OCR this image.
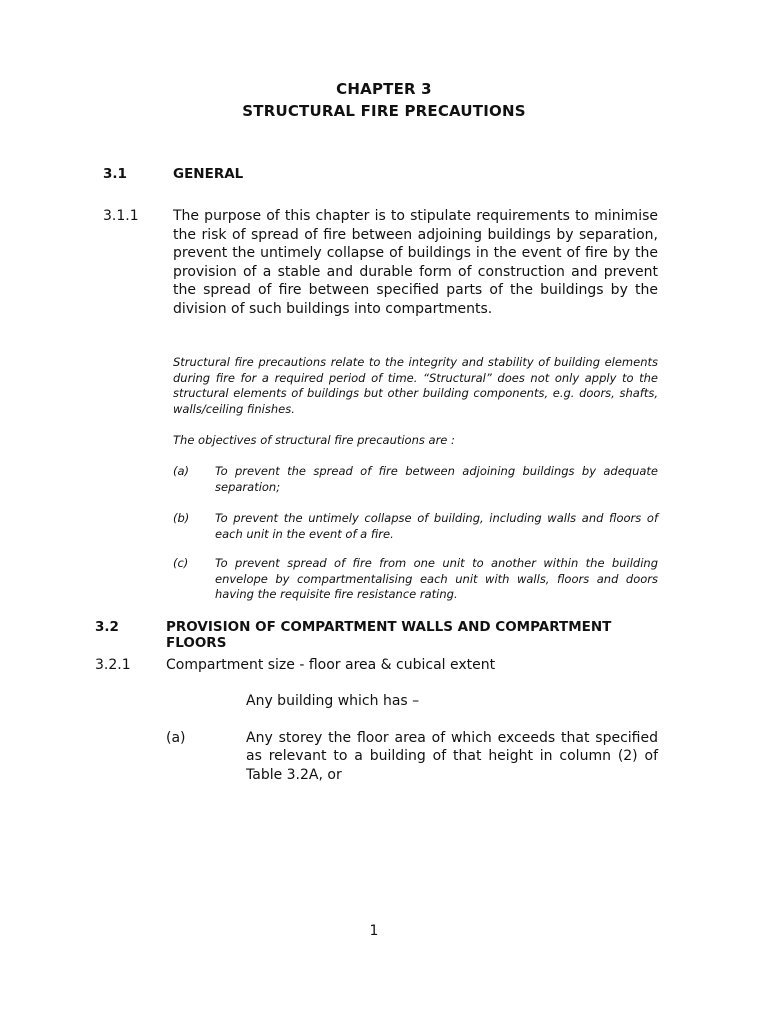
CHAPTER 3
STRUCTURAL FIRE PRECAUTIONS
3.1	GENERAL
3.1.1 The purpose of this chapter is to stipulate requirements to minimise the risk of spread of fire between adjoining buildings by separation, prevent the untimely collapse of buildings in the event of fire by the provision of a stable and durable form of construction and prevent the spread of fire between specified parts of the buildings by the division of such buildings into compartments.
Structural fire precautions relate to the integrity and stability of building elements during fire for a required period of time. “Structural” does not only apply to the structural elements of buildings but other building components, e.g. doors, shafts, walls/ceiling finishes.
The objectives of structural fire precautions are :
(a) To prevent the spread of fire between adjoining buildings by adequate separation;
(b) To prevent the untimely collapse of building, including walls and floors of each unit in the event of a fire.
(c) To prevent spread of fire from one unit to another within the building envelope by compartmentalising each unit with walls, floors and doors having the requisite fire resistance rating.
3.2	PROVISION OF COMPARTMENT WALLS AND COMPARTMENT FLOORS
3.2.1	Compartment size - floor area & cubical extent
Any building which has –
(a)	Any storey the floor area of which exceeds that specified as relevant to a building of that height in column (2) of Table 3.2A, or
1
